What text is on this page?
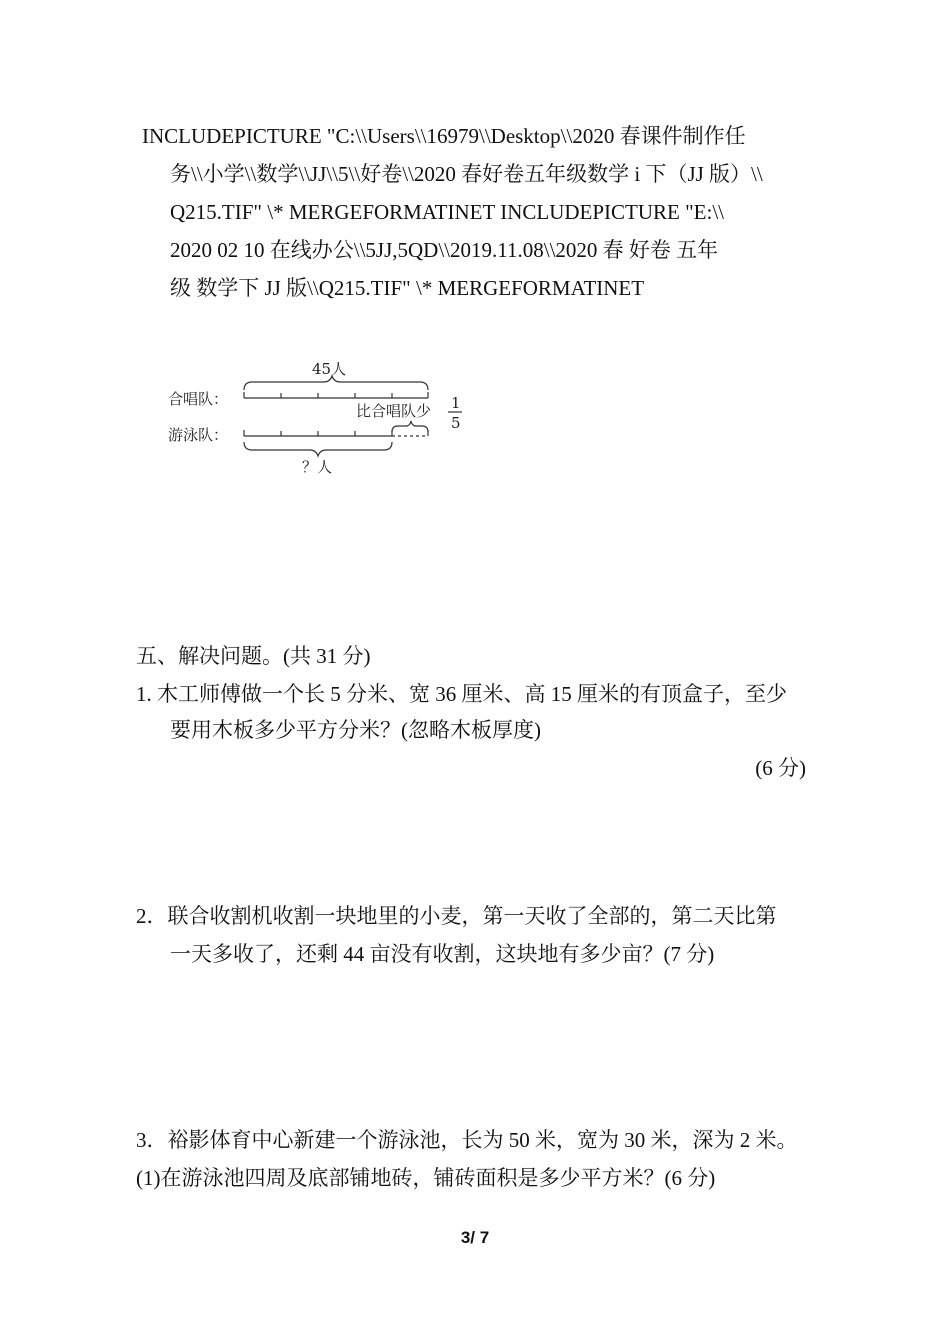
INCLUDEPICTURE "C:\\Users\\16979\\Desktop\\2020 春课件制作任
务\\小学\\数学\\JJ\\5\\好卷\\2020 春好卷五年级数学 i 下（JJ 版）\\
Q215.TIF" \* MERGEFORMATINET INCLUDEPICTURE "E:\\
2020 02 10 在线办公\\5JJ,5QD\\2019.11.08\\2020 春 好卷 五年
级 数学下 JJ 版\\Q215.TIF" \* MERGEFORMATINET
45人
合唱队：
比合唱队少 1
5
游泳队：
？人
五、解决问题。(共 31 分)
1. 木工师傅做一个长 5 分米、宽 36 厘米、高 15 厘米的有顶盒子，至少
要用木板多少平方分米？(忽略木板厚度)
(6 分)
2．联合收割机收割一块地里的小麦，第一天收了全部的，第二天比第
一天多收了，还剩 44 亩没有收割，这块地有多少亩？(7 分)
3．裕影体育中心新建一个游泳池，长为 50 米，宽为 30 米，深为 2 米。
(1)在游泳池四周及底部铺地砖，铺砖面积是多少平方米？(6 分)
3/ 7
